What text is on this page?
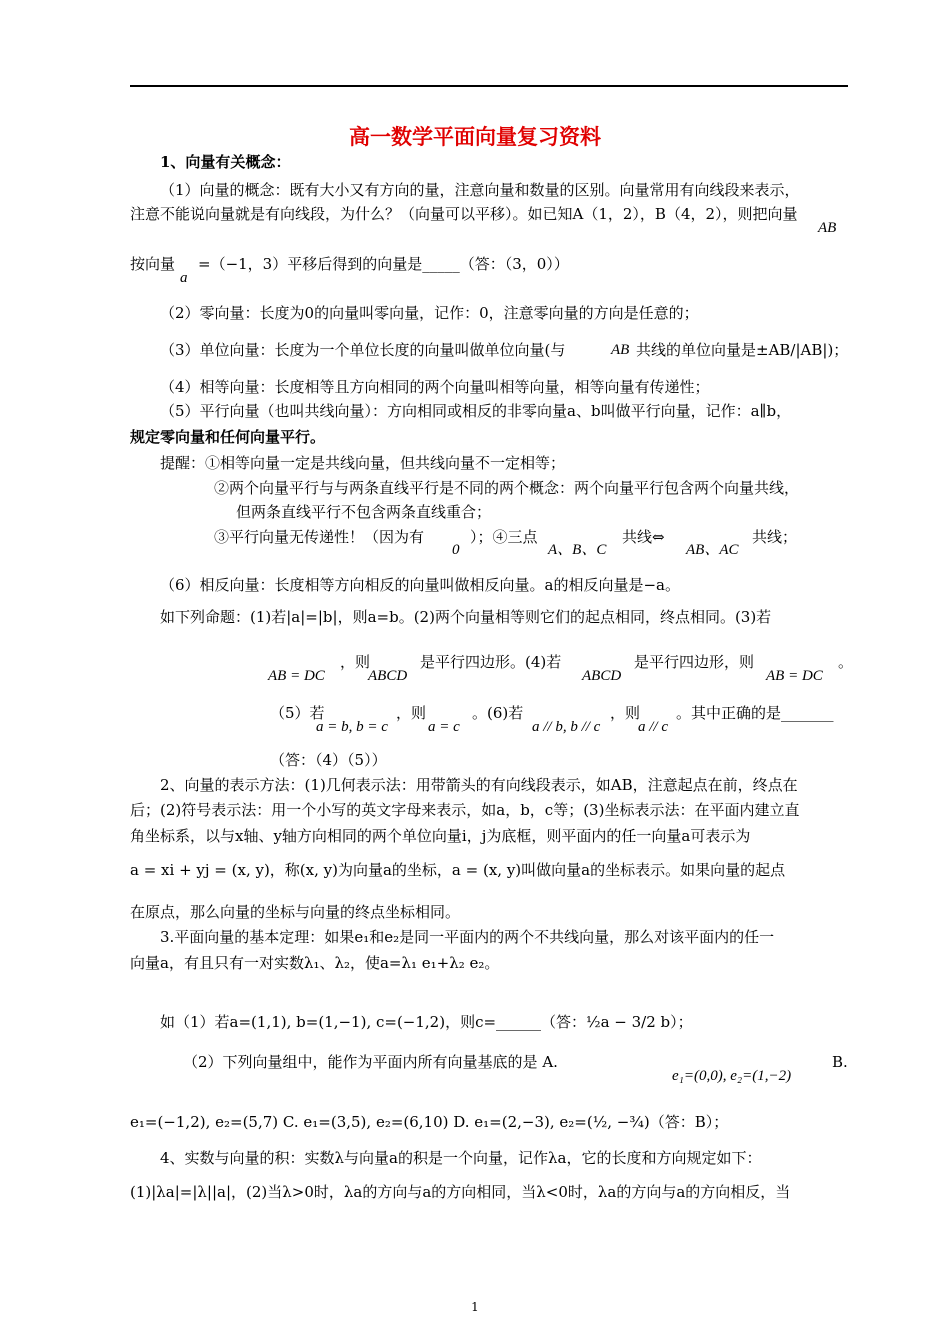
高一数学平面向量复习资料
1、向量有关概念：
（1）向量的概念：既有大小又有方向的量，注意向量和数量的区别。向量常用有向线段来表示，
注意不能说向量就是有向线段，为什么？（向量可以平移）。如已知A（1，2），B（4，2），则把向量
AB
按向量
a
=（−1，3）平移后得到的向量是_____（答：（3，0））
（2）零向量：长度为0的向量叫零向量，记作：0，注意零向量的方向是任意的；
（3）单位向量：长度为一个单位长度的向量叫做单位向量(与	AB 共线的单位向量是±AB/|AB|)；
（4）相等向量：长度相等且方向相同的两个向量叫相等向量，相等向量有传递性；
（5）平行向量（也叫共线向量）：方向相同或相反的非零向量a、b叫做平行向量，记作：a∥b，
规定零向量和任何向量平行。
提醒：①相等向量一定是共线向量，但共线向量不一定相等；
②两个向量平行与与两条直线平行是不同的两个概念：两个向量平行包含两个向量共线，
但两条直线平行不包含两条直线重合；
③平行向量无传递性！（因为有
0
）；④三点
A、B、C
共线⇔
AB、AC
共线；
（6）相反向量：长度相等方向相反的向量叫做相反向量。a的相反向量是−a。
如下列命题：(1)若|a|=|b|，则a=b。(2)两个向量相等则它们的起点相同，终点相同。(3)若
AB = DC
，则
ABCD
是平行四边形。(4)若
ABCD
是平行四边形，则
AB = DC
。
（5）若
a = b, b = c
，则
a = c
。(6)若
a // b, b // c
，则
a // c
。其中正确的是_______
（答：（4）（5））
2、向量的表示方法：(1)几何表示法：用带箭头的有向线段表示，如AB，注意起点在前，终点在
后；(2)符号表示法：用一个小写的英文字母来表示，如a，b，c等；(3)坐标表示法：在平面内建立直
角坐标系，以与x轴、y轴方向相同的两个单位向量i，j为底框，则平面内的任一向量a可表示为
a = xi + yj = (x, y)，称(x, y)为向量a的坐标，a = (x, y)叫做向量a的坐标表示。如果向量的起点
在原点，那么向量的坐标与向量的终点坐标相同。
3.平面向量的基本定理：如果e₁和e₂是同一平面内的两个不共线向量，那么对该平面内的任一
向量a，有且只有一对实数λ₁、λ₂，使a=λ₁ e₁+λ₂ e₂。
如（1）若a=(1,1), b=(1,−1), c=(−1,2)，则c=______（答：½a − 3/2 b）；
（2）下列向量组中，能作为平面内所有向量基底的是 A.
e₁=(0,0), e₂=(1,−2)
B.
e₁=(−1,2), e₂=(5,7) C. e₁=(3,5), e₂=(6,10) D. e₁=(2,−3), e₂=(½, −¾)（答：B）；
4、实数与向量的积：实数λ与向量a的积是一个向量，记作λa，它的长度和方向规定如下：
(1)|λa|=|λ||a|，(2)当λ>0时，λa的方向与a的方向相同，当λ<0时，λa的方向与a的方向相反，当
1
